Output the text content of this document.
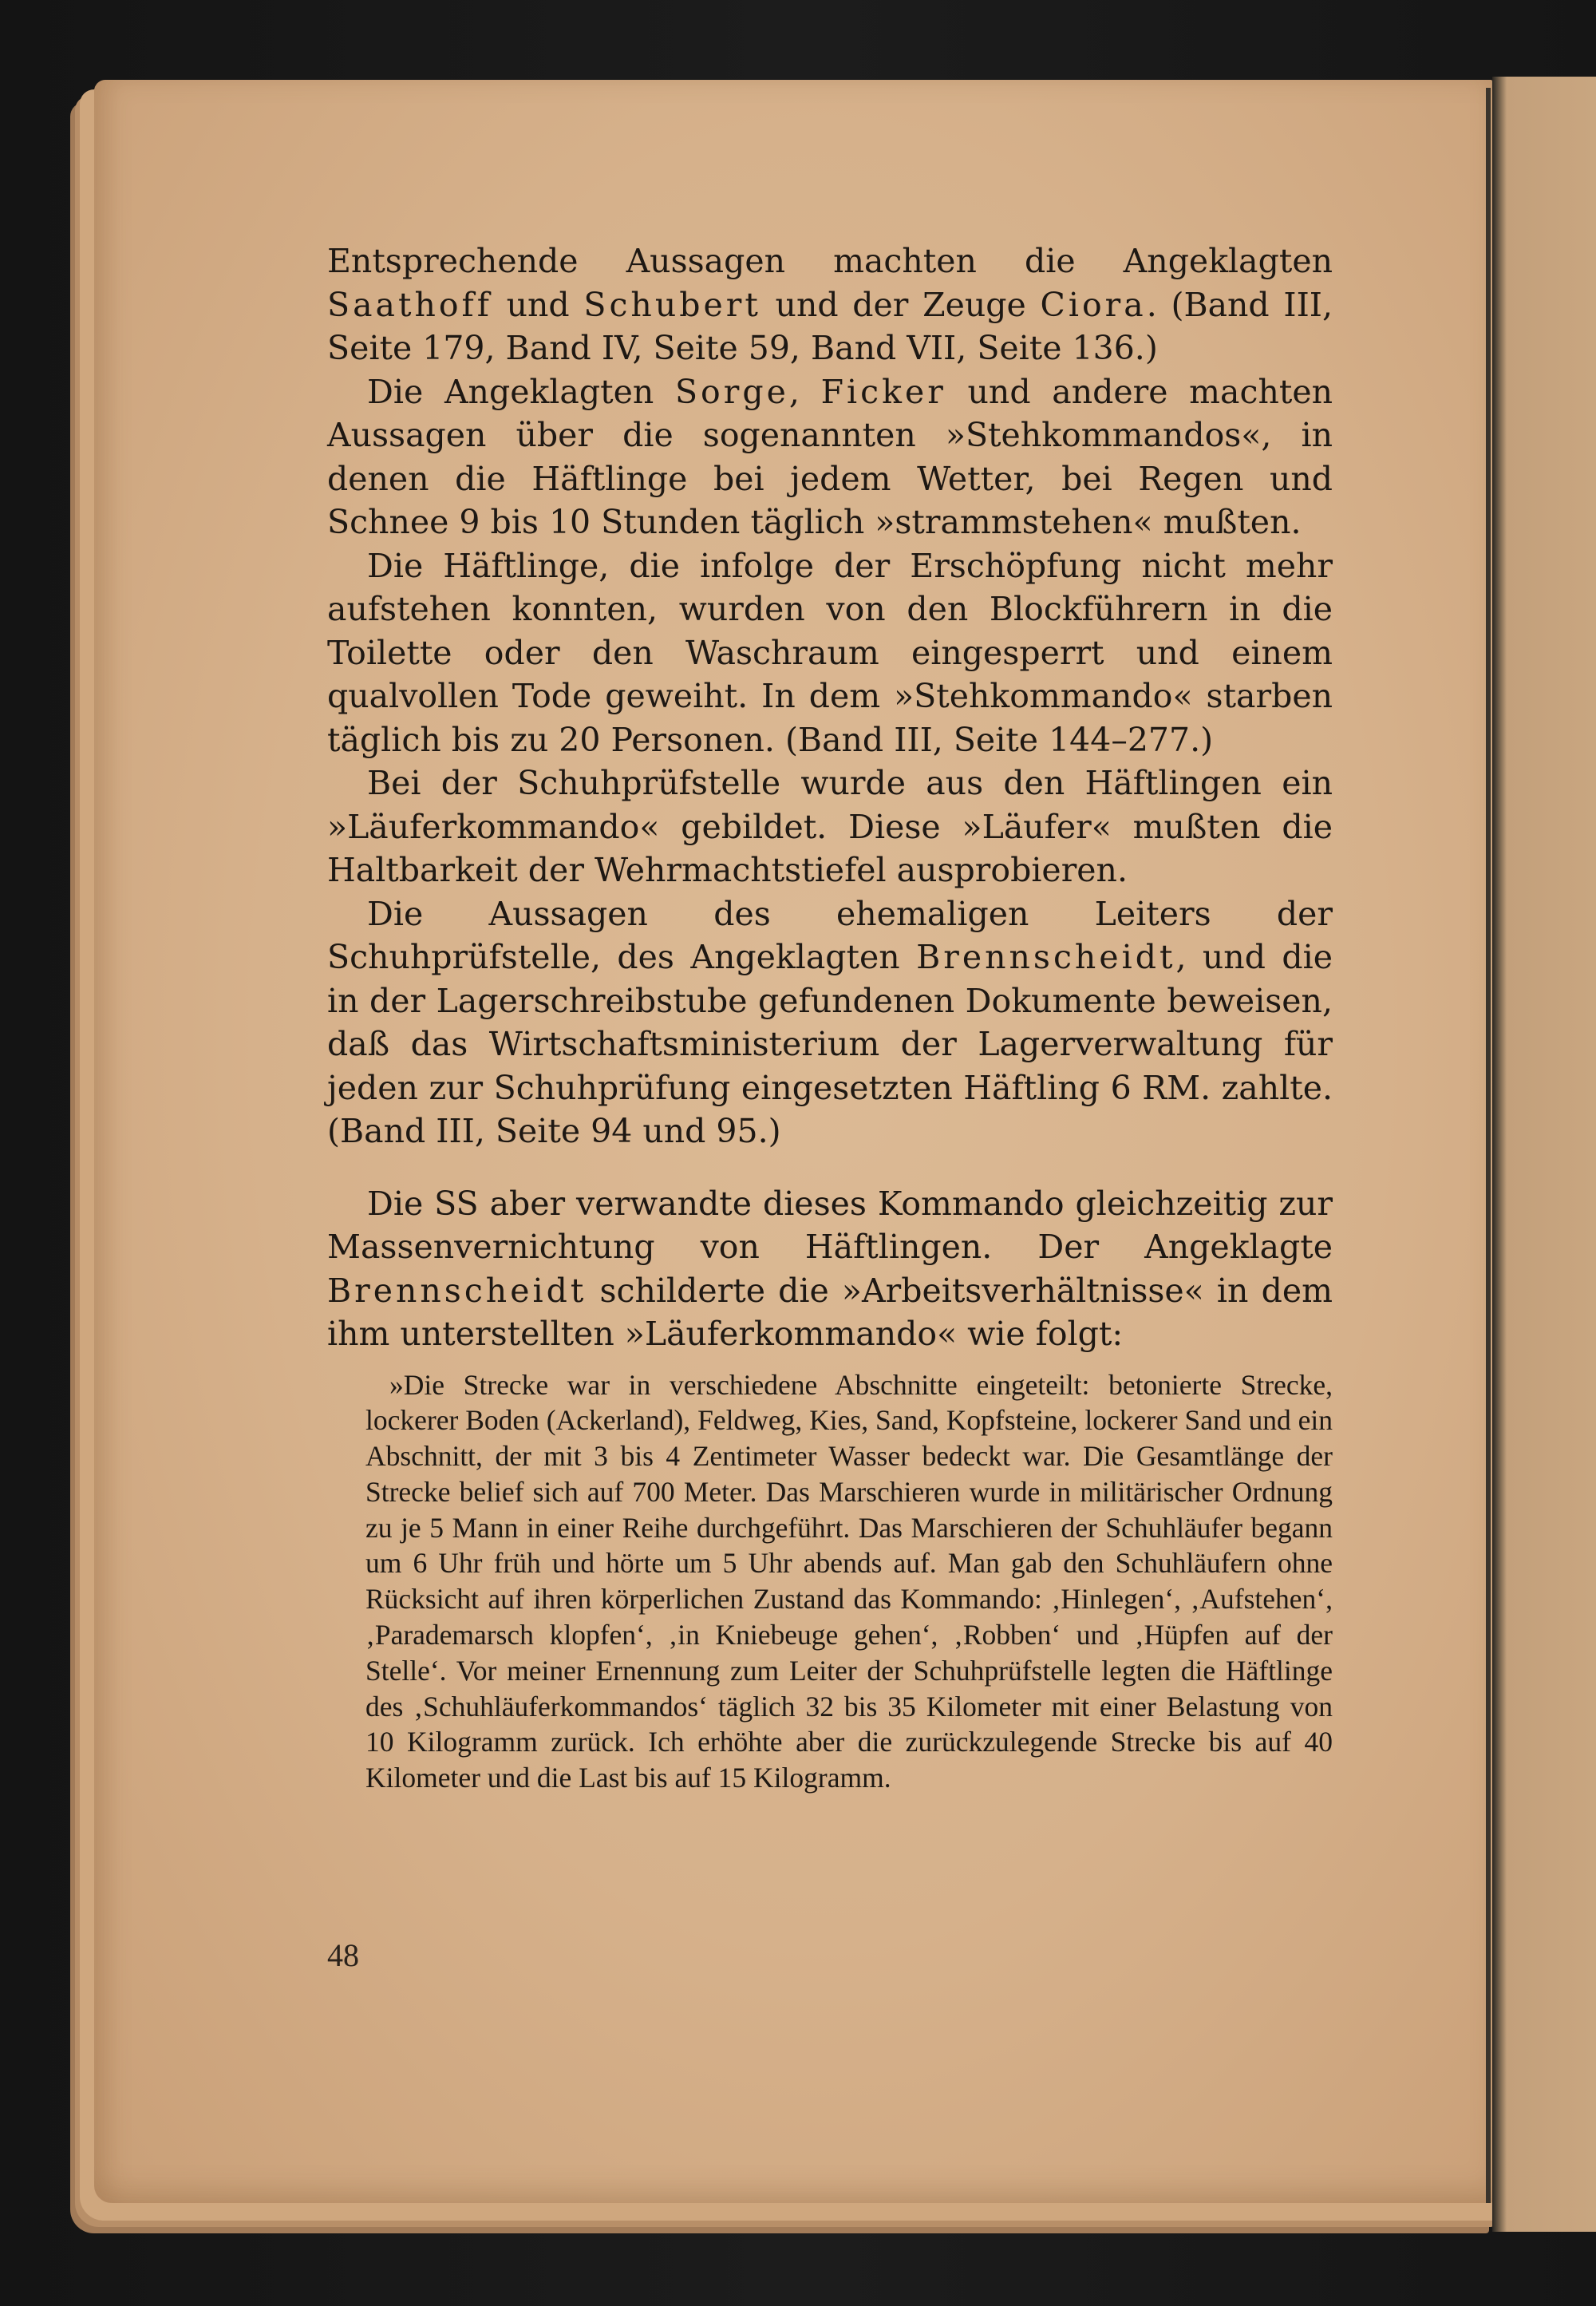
Entsprechende Aussagen machten die Angeklagten Saathoff und Schubert und der Zeuge Ciora. (Band III, Seite 179, Band IV, Seite 59, Band VII, Seite 136.)

Die Angeklagten Sorge, Ficker und andere machten Aussagen über die sogenannten »Stehkommandos«, in denen die Häftlinge bei jedem Wetter, bei Regen und Schnee 9 bis 10 Stunden täglich »strammstehen« mußten.

Die Häftlinge, die infolge der Erschöpfung nicht mehr aufstehen konnten, wurden von den Blockführern in die Toilette oder den Waschraum eingesperrt und einem qualvollen Tode geweiht. In dem »Stehkommando« starben täglich bis zu 20 Personen. (Band III, Seite 144–277.)

Bei der Schuhprüfstelle wurde aus den Häftlingen ein »Läuferkommando« gebildet. Diese »Läufer« mußten die Haltbarkeit der Wehrmachtstiefel ausprobieren.

Die Aussagen des ehemaligen Leiters der Schuhprüfstelle, des Angeklagten Brennscheidt, und die in der Lagerschreibstube gefundenen Dokumente beweisen, daß das Wirtschaftsministerium der Lagerverwaltung für jeden zur Schuhprüfung eingesetzten Häftling 6 RM. zahlte. (Band III, Seite 94 und 95.)

Die SS aber verwandte dieses Kommando gleichzeitig zur Massenvernichtung von Häftlingen. Der Angeklagte Brennscheidt schilderte die »Arbeitsverhältnisse« in dem ihm unterstellten »Läuferkommando« wie folgt:

»Die Strecke war in verschiedene Abschnitte eingeteilt: betonierte Strecke, lockerer Boden (Ackerland), Feldweg, Kies, Sand, Kopfsteine, lockerer Sand und ein Abschnitt, der mit 3 bis 4 Zentimeter Wasser bedeckt war. Die Gesamtlänge der Strecke belief sich auf 700 Meter. Das Marschieren wurde in militärischer Ordnung zu je 5 Mann in einer Reihe durchgeführt. Das Marschieren der Schuhläufer begann um 6 Uhr früh und hörte um 5 Uhr abends auf. Man gab den Schuhläufern ohne Rücksicht auf ihren körperlichen Zustand das Kommando: ‚Hinlegen‘, ‚Aufstehen‘, ‚Parademarsch klopfen‘, ‚in Kniebeuge gehen‘, ‚Robben‘ und ‚Hüpfen auf der Stelle‘. Vor meiner Ernennung zum Leiter der Schuhprüfstelle legten die Häftlinge des ‚Schuhläuferkommandos‘ täglich 32 bis 35 Kilometer mit einer Belastung von 10 Kilogramm zurück. Ich erhöhte aber die zurückzulegende Strecke bis auf 40 Kilometer und die Last bis auf 15 Kilogramm.

48
